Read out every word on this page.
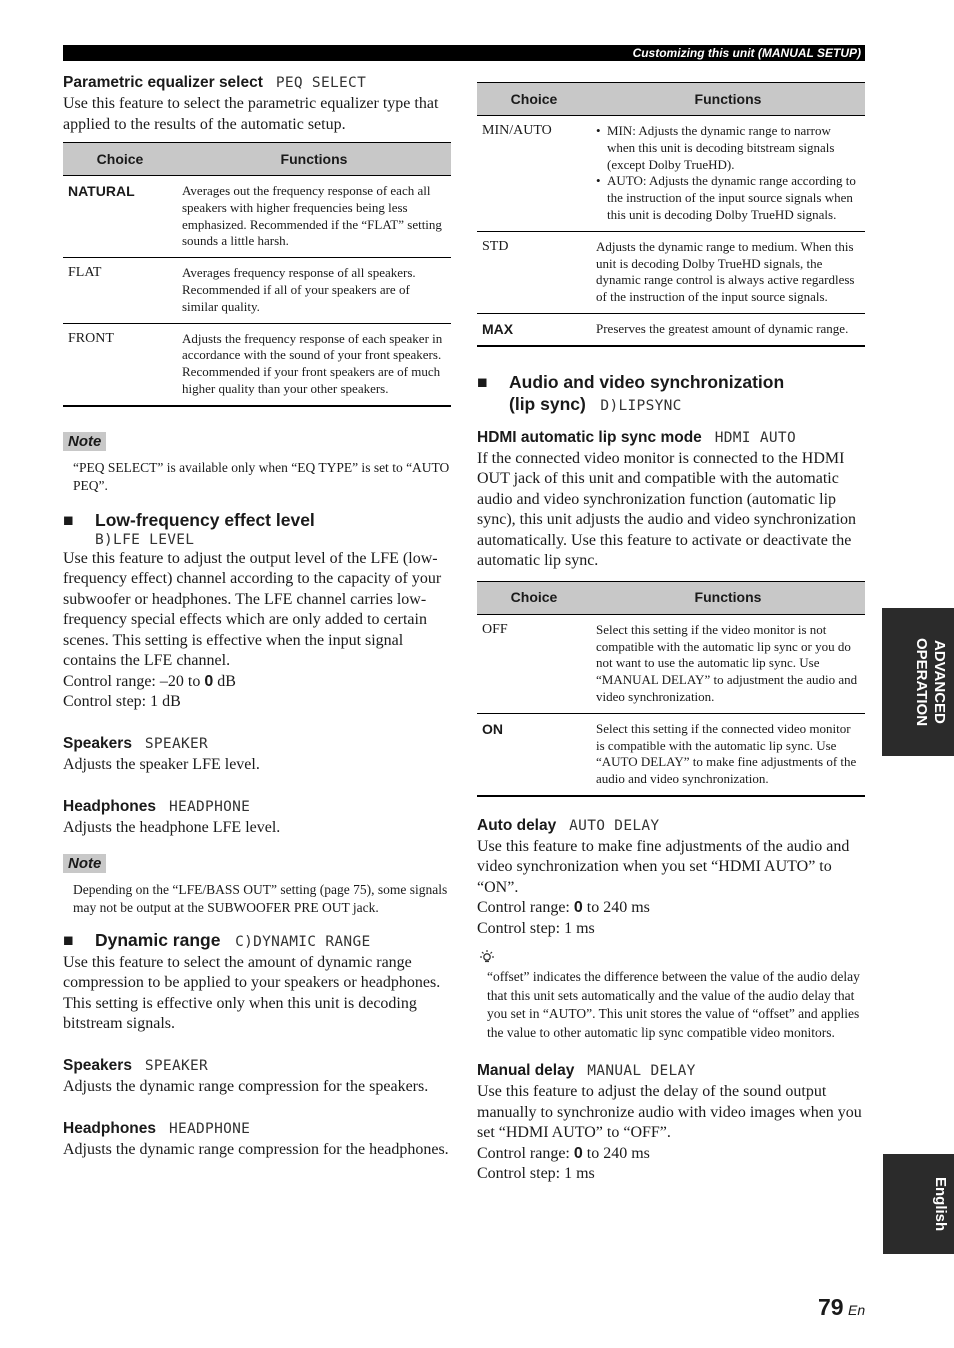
Customizing this unit (MANUAL SETUP)

Parametric equalizer select PEQ SELECT

Use this feature to select the parametric equalizer type that applied to the results of the automatic setup.

Choice	Functions
NATURAL	Averages out the frequency response of each all speakers with higher frequencies being less emphasized. Recommended if the “FLAT” setting sounds a little harsh.
FLAT	Averages frequency response of all speakers. Recommended if all of your speakers are of similar quality.
FRONT	Adjusts the frequency response of each speaker in accordance with the sound of your front speakers. Recommended if your front speakers are of much higher quality than your other speakers.
Note

“PEQ SELECT” is available only when “EQ TYPE” is set to “AUTO PEQ”.

■ Low-frequency effect level

B)LFE LEVEL

Use this feature to adjust the output level of the LFE (low-frequency effect) channel according to the capacity of your subwoofer or headphones. The LFE channel carries low-frequency special effects which are only added to certain scenes. This setting is effective when the input signal contains the LFE channel.

Control range: –20 to 0 dB

Control step: 1 dB

Speakers SPEAKER

Adjusts the speaker LFE level.

Headphones HEADPHONE

Adjusts the headphone LFE level.

Note

Depending on the “LFE/BASS OUT” setting (page 75), some signals may not be output at the SUBWOOFER PRE OUT jack.

■ Dynamic range C)DYNAMIC RANGE

Use this feature to select the amount of dynamic range compression to be applied to your speakers or headphones. This setting is effective only when this unit is decoding bitstream signals.

Speakers SPEAKER

Adjusts the dynamic range compression for the speakers.

Headphones HEADPHONE

Adjusts the dynamic range compression for the headphones.

Choice	Functions
MIN/AUTO	• MIN: Adjusts the dynamic range to narrow when this unit is decoding bitstream signals (except Dolby TrueHD).

• AUTO: Adjusts the dynamic range according to the instruction of the input source signals when this unit is decoding Dolby TrueHD signals.

STD	Adjusts the dynamic range to medium. When this unit is decoding Dolby TrueHD signals, the dynamic range control is always active regardless of the instruction of the input source signals.
MAX	Preserves the greatest amount of dynamic range.

■ Audio and video synchronization
(lip sync) D)LIPSYNC

HDMI automatic lip sync mode HDMI AUTO

If the connected video monitor is connected to the HDMI OUT jack of this unit and compatible with the automatic audio and video synchronization function (automatic lip sync), this unit adjusts the audio and video synchronization automatically. Use this feature to activate or deactivate the automatic lip sync.

Choice	Functions
OFF	Select this setting if the video monitor is not compatible with the automatic lip sync or you do not want to use the automatic lip sync. Use “MANUAL DELAY” to adjustment the audio and video synchronization.
ON	Select this setting if the connected video monitor is compatible with the automatic lip sync. Use “AUTO DELAY” to make fine adjustments of the audio and video synchronization.

Auto delay AUTO DELAY

Use this feature to make fine adjustments of the audio and video synchronization when you set “HDMI AUTO” to “ON”.

Control range: 0 to 240 ms

Control step: 1 ms

“offset” indicates the difference between the value of the audio delay that this unit sets automatically and the value of the audio delay that you set in “AUTO”. This unit stores the value of “offset” and applies the value to other automatic lip sync compatible video monitors.

Manual delay MANUAL DELAY

Use this feature to adjust the delay of the sound output manually to synchronize audio with video images when you set “HDMI AUTO” to “OFF”.

Control range: 0 to 240 ms

Control step: 1 ms

ADVANCED OPERATION
English
79 En
